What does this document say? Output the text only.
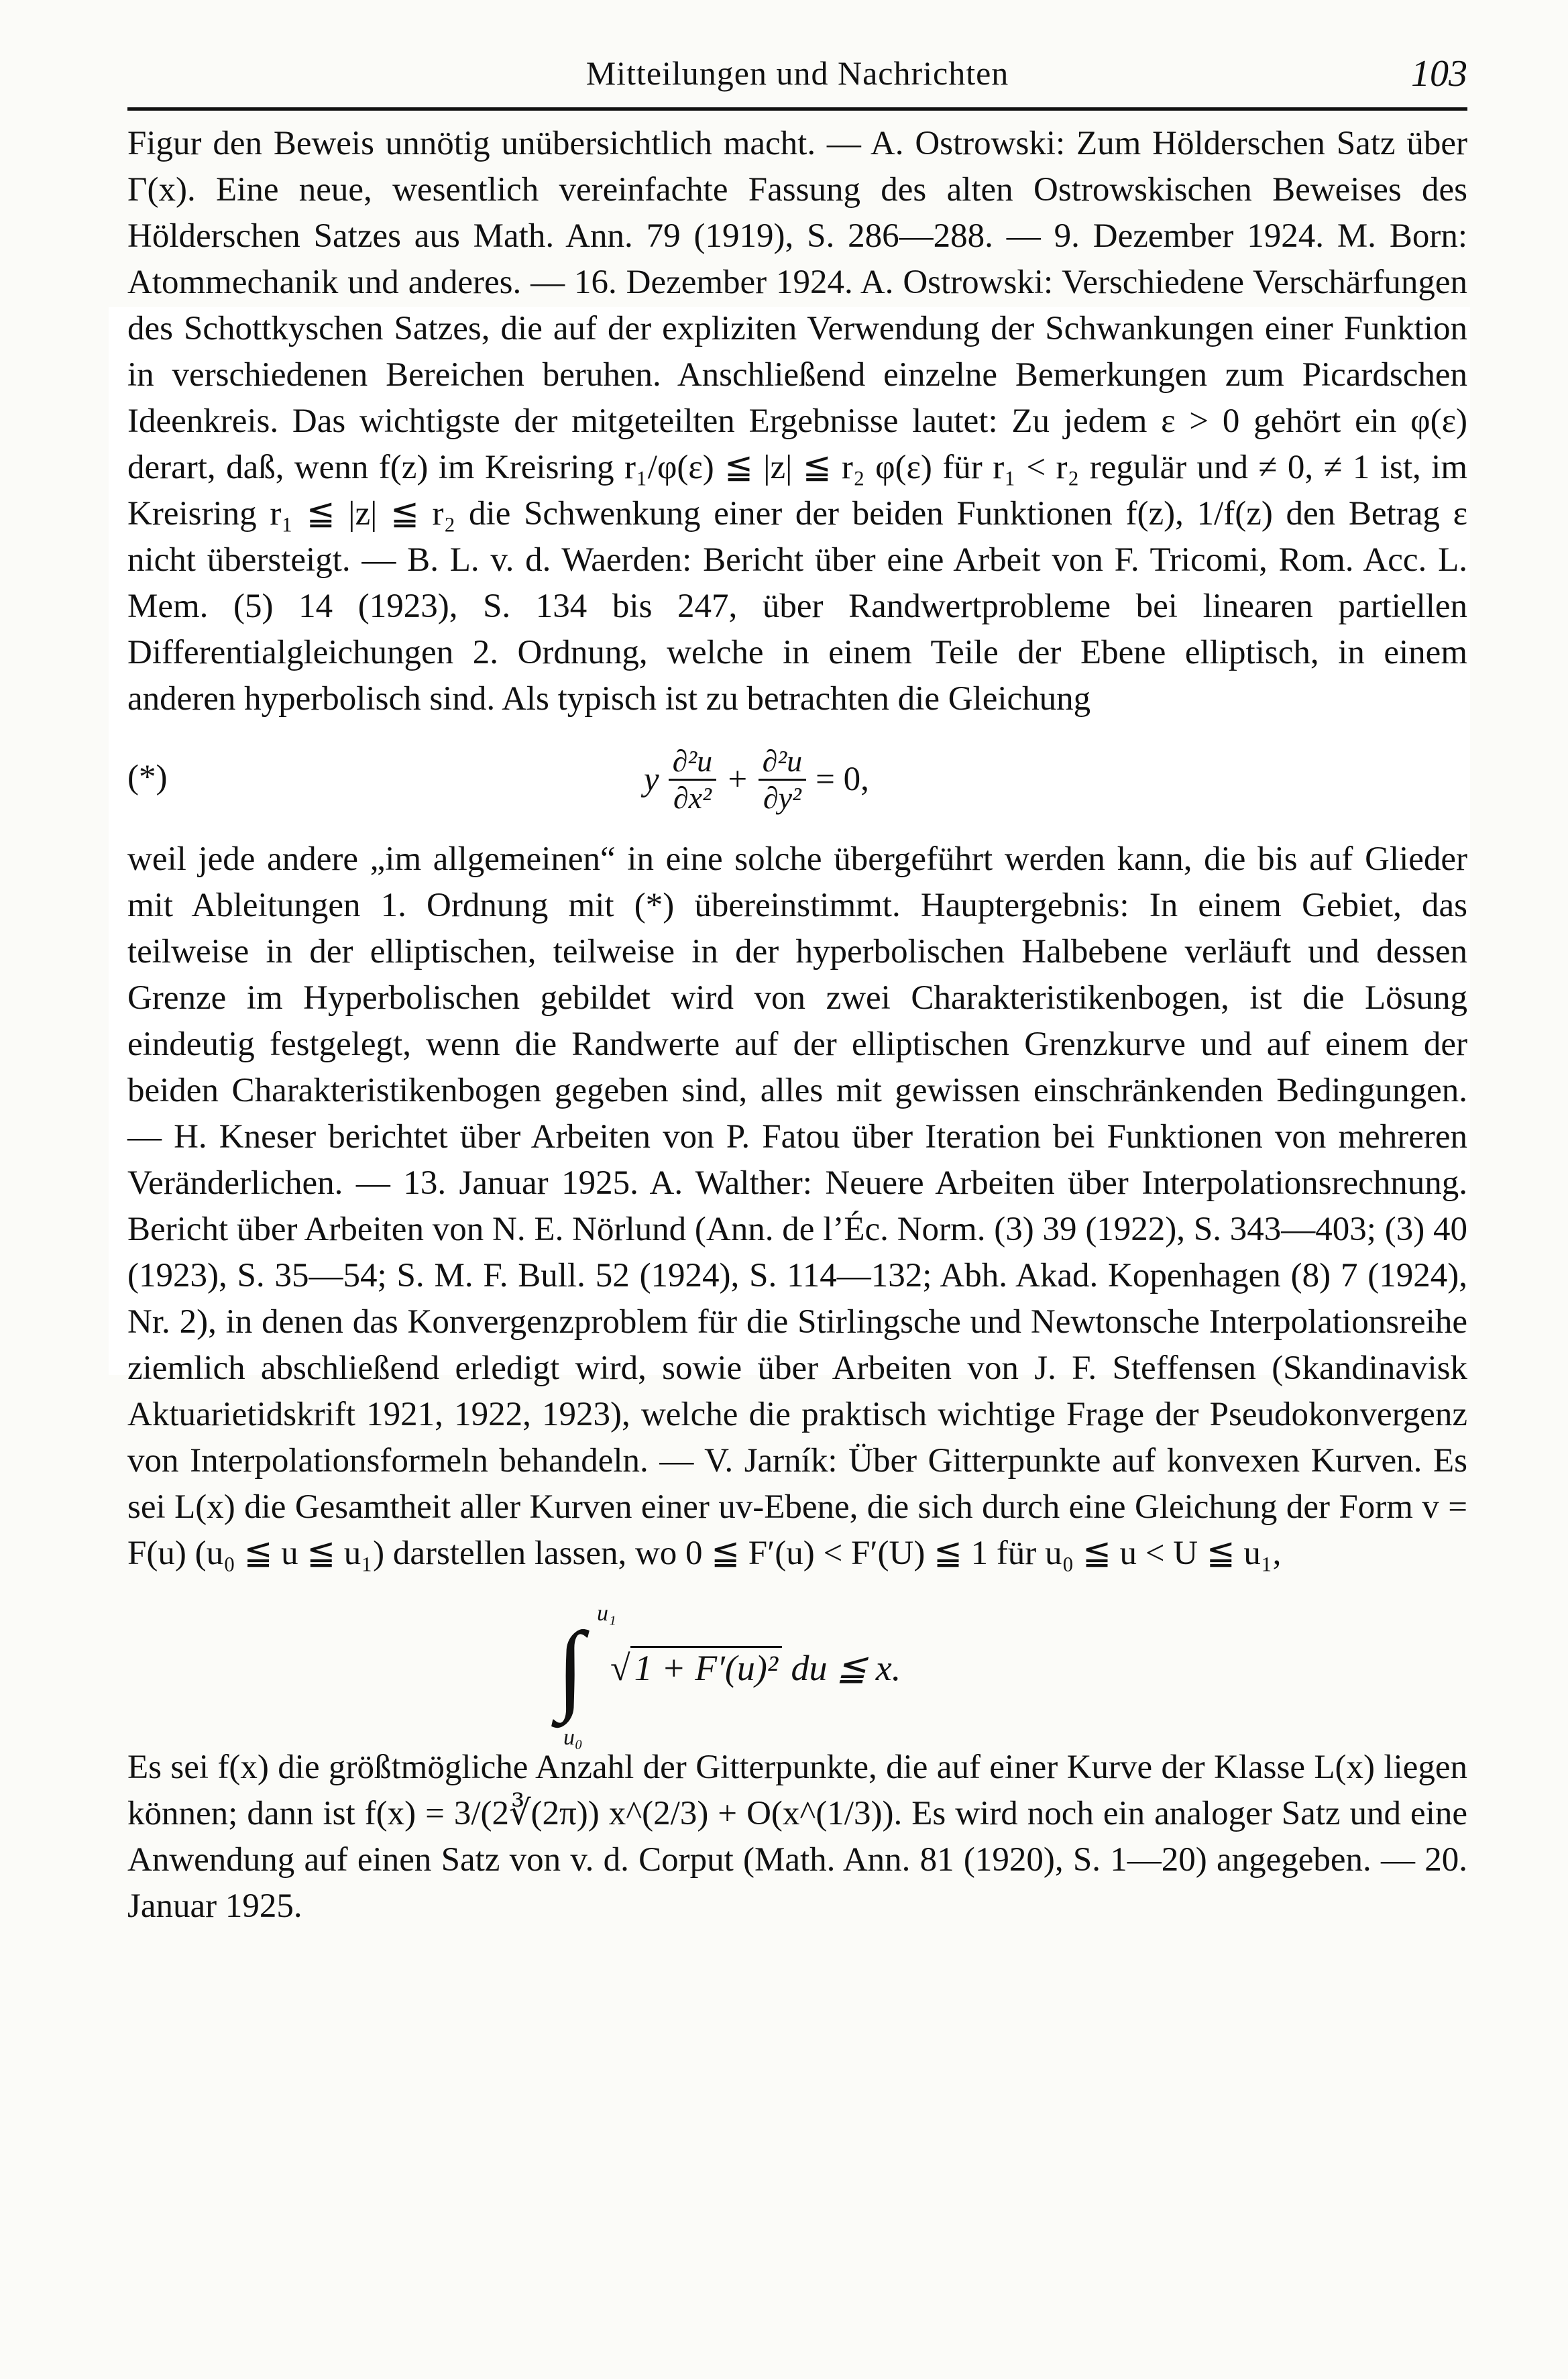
Mitteilungen und Nachrichten	103

Figur den Beweis unnötig unübersichtlich macht. — A. Ostrowski: Zum Hölderschen Satz über Γ(x). Eine neue, wesentlich vereinfachte Fassung des alten Ostrowskischen Beweises des Hölderschen Satzes aus Math. Ann. 79 (1919), S. 286—288. — 9. Dezember 1924. M. Born: Atommechanik und anderes. — 16. Dezember 1924. A. Ostrowski: Verschiedene Verschärfungen des Schottkyschen Satzes, die auf der expliziten Verwendung der Schwankungen einer Funktion in verschiedenen Bereichen beruhen. Anschließend einzelne Bemerkungen zum Picardschen Ideenkreis. Das wichtigste der mitgeteilten Ergebnisse lautet: Zu jedem ε > 0 gehört ein φ(ε) derart, daß, wenn f(z) im Kreisring r₁/φ(ε) ≦ |z| ≦ r₂ φ(ε) für r₁ < r₂ regulär und ≠ 0, ≠ 1 ist, im Kreisring r₁ ≦ |z| ≦ r₂ die Schwenkung einer der beiden Funktionen f(z), 1/f(z) den Betrag ε nicht übersteigt. — B. L. v. d. Waerden: Bericht über eine Arbeit von F. Tricomi, Rom. Acc. L. Mem. (5) 14 (1923), S. 134 bis 247, über Randwertprobleme bei linearen partiellen Differentialgleichungen 2. Ordnung, welche in einem Teile der Ebene elliptisch, in einem anderen hyperbolisch sind. Als typisch ist zu betrachten die Gleichung

(*)	y $\frac{\text{∂²u}}{\text{∂x²}} + \frac{\text{∂²u}}{\text{∂y²}} = 0$,

weil jede andere „im allgemeinen“ in eine solche übergeführt werden kann, die bis auf Glieder mit Ableitungen 1. Ordnung mit (*) übereinstimmt. Hauptergebnis: In einem Gebiet, das teilweise in der elliptischen, teilweise in der hyperbolischen Halbebene verläuft und dessen Grenze im Hyperbolischen gebildet wird von zwei Charakteristikenbogen, ist die Lösung eindeutig festgelegt, wenn die Randwerte auf der elliptischen Grenzkurve und auf einem der beiden Charakteristikenbogen gegeben sind, alles mit gewissen einschränkenden Bedingungen. — H. Kneser berichtet über Arbeiten von P. Fatou über Iteration bei Funktionen von mehreren Veränderlichen. — 13. Januar 1925. A. Walther: Neuere Arbeiten über Interpolationsrechnung. Bericht über Arbeiten von N. E. Nörlund (Ann. de l’Éc. Norm. (3) 39 (1922), S. 343—403; (3) 40 (1923), S. 35—54; S. M. F. Bull. 52 (1924), S. 114—132; Abh. Akad. Kopenhagen (8) 7 (1924), Nr. 2), in denen das Konvergenzproblem für die Stirlingsche und Newtonsche Interpolationsreihe ziemlich abschließend erledigt wird, sowie über Arbeiten von J. F. Steffensen (Skandinavisk Aktuarietidskrift 1921, 1922, 1923), welche die praktisch wichtige Frage der Pseudokonvergenz von Interpolationsformeln behandeln. — V. Jarník: Über Gitterpunkte auf konvexen Kurven. Es sei L(x) die Gesamtheit aller Kurven einer uv-Ebene, die sich durch eine Gleichung der Form v = F(u) (u₀ ≦ u ≦ u₁) darstellen lassen, wo 0 ≦ F′(u) < F′(U) ≦ 1 für u₀ ≦ u < U ≦ u₁,

u₁
∫
u₀
√ 1 + F′(u)² du ≦ x.

Es sei f(x) die größtmögliche Anzahl der Gitterpunkte, die auf einer Kurve der Klasse L(x) liegen können; dann ist f(x) = 3/(2∛(2π)) x^(2/3) + O(x^(1/3)). Es wird noch ein analoger Satz und eine Anwendung auf einen Satz von v. d. Corput (Math. Ann. 81 (1920), S. 1—20) angegeben. — 20. Januar 1925.
